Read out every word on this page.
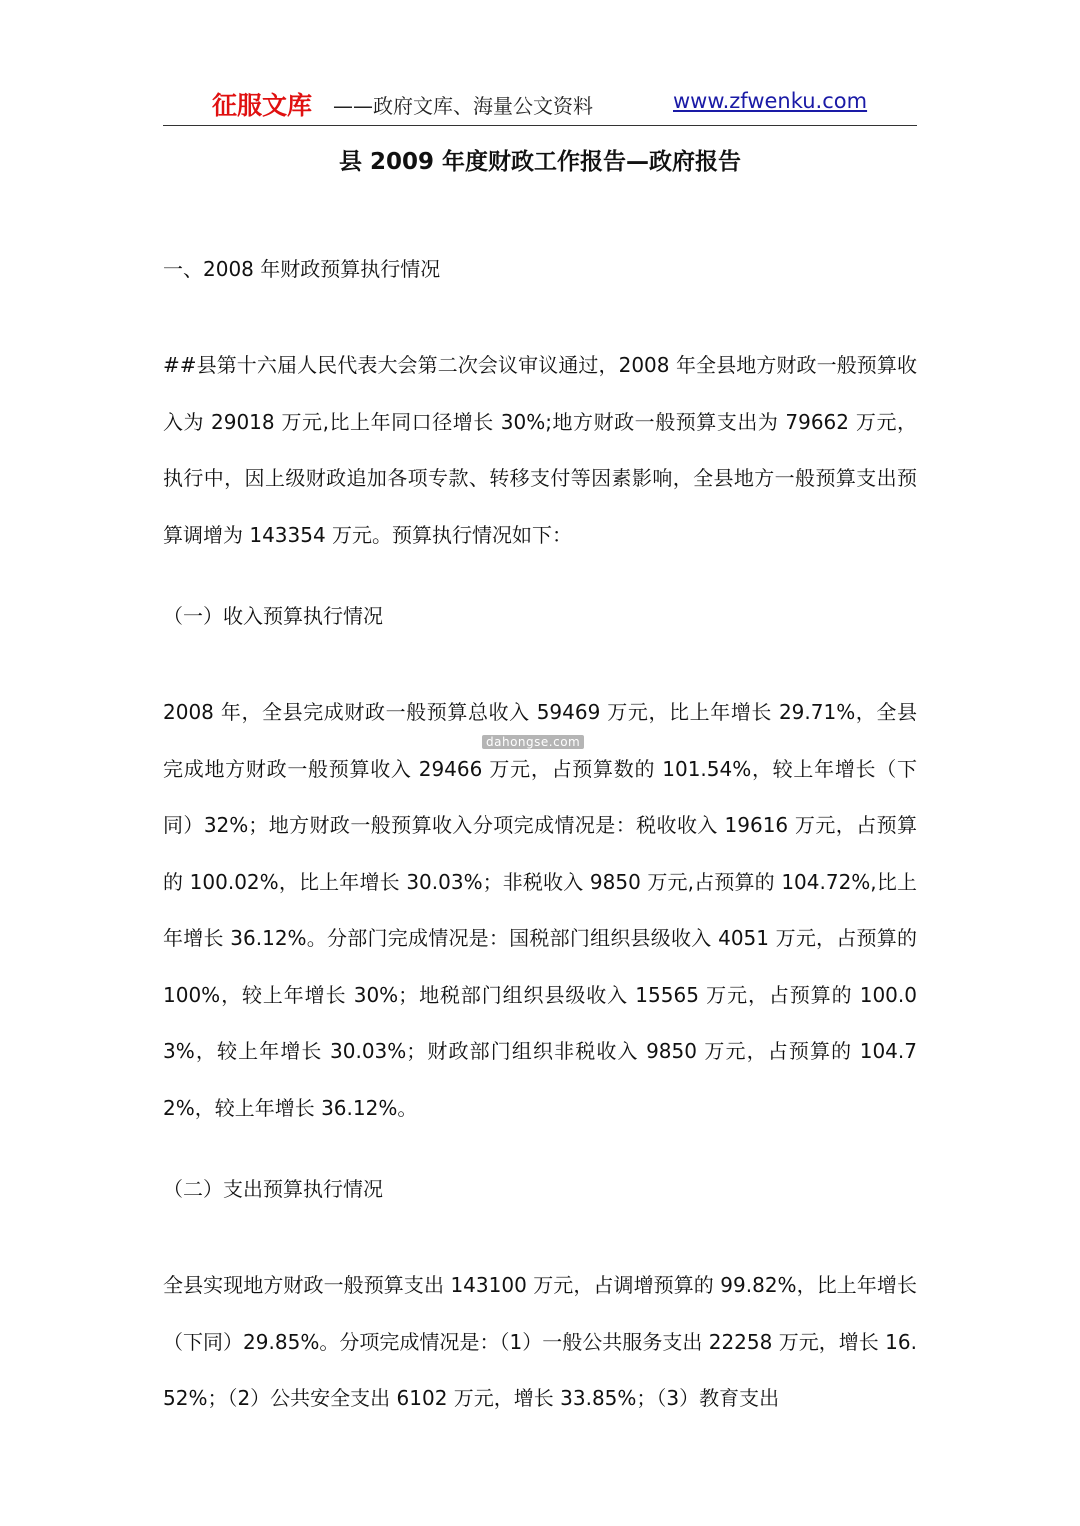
征服文库 ——政府文库、海量公文资料	www.zfwenku.com
县 2009 年度财政工作报告—政府报告

一、2008 年财政预算执行情况

##县第十六届人民代表大会第二次会议审议通过，2008 年全县地方财政一般预算收入为 29018 万元,比上年同口径增长 30%;地方财政一般预算支出为 79662 万元，执行中，因上级财政追加各项专款、转移支付等因素影响，全县地方一般预算支出预算调增为 143354 万元。预算执行情况如下：

（一）收入预算执行情况

2008 年，全县完成财政一般预算总收入 59469 万元，比上年增长 29.71%，全县完成地方财政一般预算收入 29466 万元，占预算数的 101.54%，较上年增长（下同）32%；地方财政一般预算收入分项完成情况是：税收收入 19616 万元，占预算的 100.02%，比上年增长 30.03%；非税收入 9850 万元,占预算的 104.72%,比上年增长 36.12%。分部门完成情况是：国税部门组织县级收入 4051 万元，占预算的 100%，较上年增长 30%；地税部门组织县级收入 15565 万元，占预算的 100.03%，较上年增长 30.03%；财政部门组织非税收入 9850 万元，占预算的 104.72%，较上年增长 36.12%。

（二）支出预算执行情况

全县实现地方财政一般预算支出 143100 万元，占调增预算的 99.82%，比上年增长（下同）29.85%。分项完成情况是：（1）一般公共服务支出 22258 万元，增长 16.52%；（2）公共安全支出 6102 万元，增长 33.85%；（3）教育支出

dahongse.com
